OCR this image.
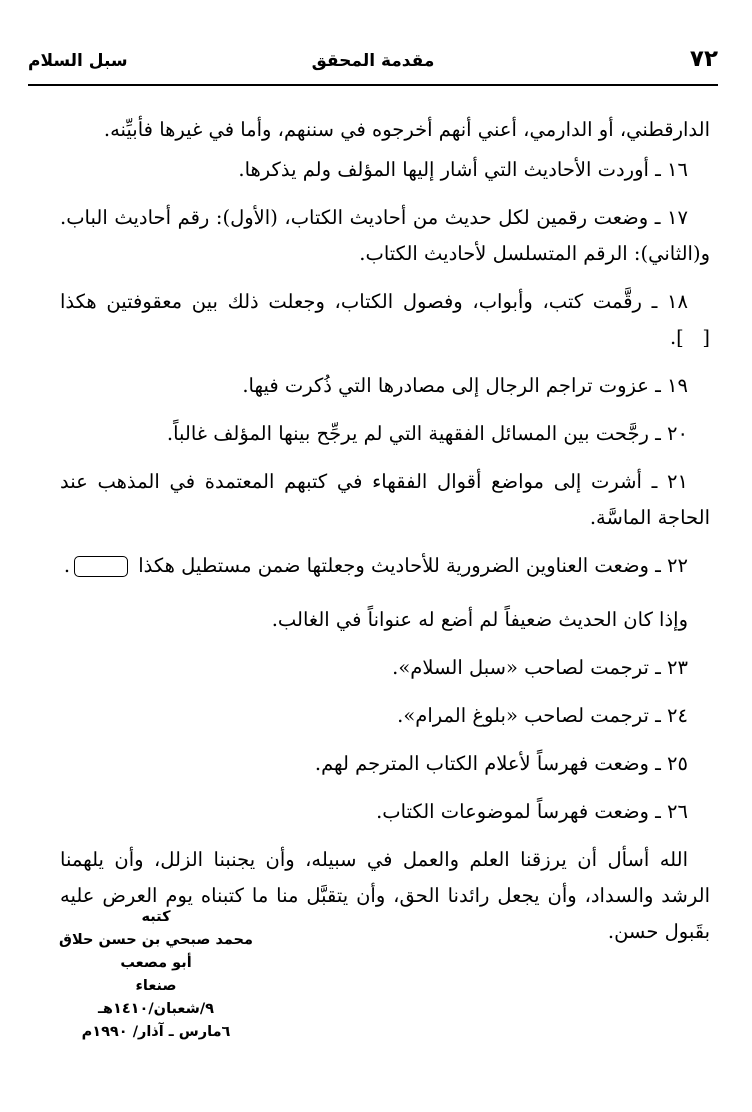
٧٢
مقدمة المحقق
سبل السلام

الدارقطني، أو الدارمي، أعني أنهم أخرجوه في سننهم، وأما في غيرها فأبيِّنه.

١٦ ـ أوردت الأحاديث التي أشار إليها المؤلف ولم يذكرها.

١٧ ـ وضعت رقمين لكل حديث من أحاديث الكتاب، (الأول): رقم أحاديث الباب. و(الثاني): الرقم المتسلسل لأحاديث الكتاب.

١٨ ـ رقَّمت كتب، وأبواب، وفصول الكتاب، وجعلت ذلك بين معقوفتين هكذا [   ].

١٩ ـ عزوت تراجم الرجال إلى مصادرها التي ذُكرت فيها.

٢٠ ـ رجَّحت بين المسائل الفقهية التي لم يرجِّح بينها المؤلف غالباً.

٢١ ـ أشرت إلى مواضع أقوال الفقهاء في كتبهم المعتمدة في المذهب عند الحاجة الماسَّة.

٢٢ ـ وضعت العناوين الضرورية للأحاديث وجعلتها ضمن مستطيل هكذا .

وإذا كان الحديث ضعيفاً لم أضع له عنواناً في الغالب.

٢٣ ـ ترجمت لصاحب «سبل السلام».

٢٤ ـ ترجمت لصاحب «بلوغ المرام».

٢٥ ـ وضعت فهرساً لأعلام الكتاب المترجم لهم.

٢٦ ـ وضعت فهرساً لموضوعات الكتاب.

الله أسأل أن يرزقنا العلم والعمل في سبيله، وأن يجنبنا الزلل، وأن يلهمنا الرشد والسداد، وأن يجعل رائدنا الحق، وأن يتقبَّل منا ما كتبناه يوم العرض عليه بقَبول حسن.

كتبه
محمد صبحي بن حسن حلاق
أبو مصعب
صنعاء
٩/شعبان/١٤١٠هـ
٦مارس ـ آذار/ ١٩٩٠م
